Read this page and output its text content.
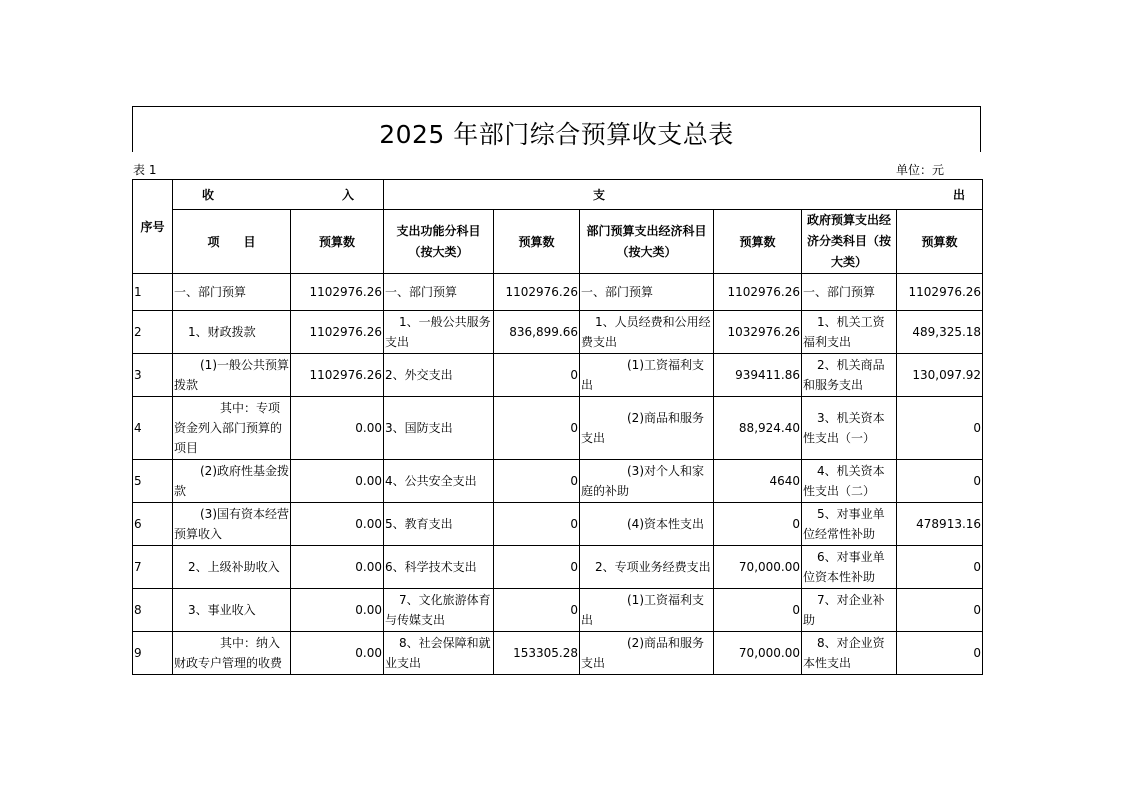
2025 年部门综合预算收支总表
表 1	单位：元
序号	收 入		支 出					

	项　　目	预算数	支出功能分科目（按大类）	预算数	部门预算支出经济科目（按大类）	预算数	政府预算支出经济分类科目（按大类）	预算数
1	一、部门预算	1102976.26	一、部门预算	1102976.26	一、部门预算	1102976.26	一、部门预算	1102976.26
2	1、财政拨款	1102976.26	1、一般公共服务支出	836,899.66	1、人员经费和公用经费支出	1032976.26	1、机关工资福利支出	489,325.18
3	(1)一般公共预算拨款	1102976.26	2、外交支出	0	(1)工资福利支出	939411.86	2、机关商品和服务支出	130,097.92
4	其中：专项资金列入部门预算的项目	0.00	3、国防支出	0	(2)商品和服务支出	88,924.40	3、机关资本性支出（一）	0
5	(2)政府性基金拨款	0.00	4、公共安全支出	0	(3)对个人和家庭的补助	4640	4、机关资本性支出（二）	0
6	(3)国有资本经营预算收入	0.00	5、教育支出	0	(4)资本性支出	0	5、对事业单位经常性补助	478913.16
7	2、上级补助收入	0.00	6、科学技术支出	0	2、专项业务经费支出	70,000.00	6、对事业单位资本性补助	0
8	3、事业收入	0.00	7、文化旅游体育与传媒支出	0	(1)工资福利支出	0	7、对企业补助	0
9	其中：纳入财政专户管理的收费	0.00	8、社会保障和就业支出	153305.28	(2)商品和服务支出	70,000.00	8、对企业资本性支出	0
